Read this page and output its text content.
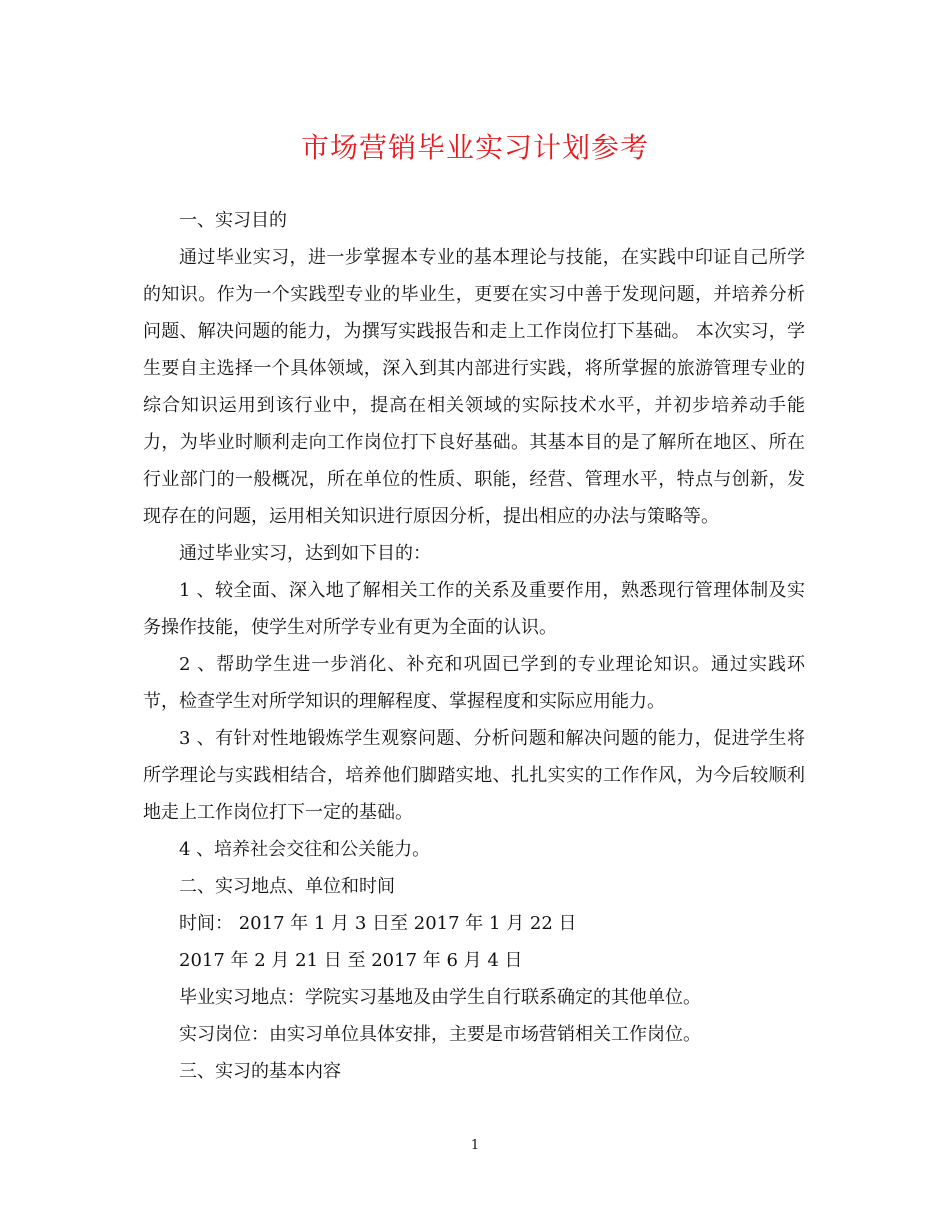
市场营销毕业实习计划参考

一、实习目的

通过毕业实习，进一步掌握本专业的基本理论与技能，在实践中印证自己所学的知识。作为一个实践型专业的毕业生，更要在实习中善于发现问题，并培养分析问题、解决问题的能力，为撰写实践报告和走上工作岗位打下基础。 本次实习，学生要自主选择一个具体领域，深入到其内部进行实践，将所掌握的旅游管理专业的综合知识运用到该行业中，提高在相关领域的实际技术水平，并初步培养动手能力，为毕业时顺利走向工作岗位打下良好基础。其基本目的是了解所在地区、所在行业部门的一般概况，所在单位的性质、职能，经营、管理水平，特点与创新，发现存在的问题，运用相关知识进行原因分析，提出相应的办法与策略等。

通过毕业实习，达到如下目的：

1 、较全面、深入地了解相关工作的关系及重要作用，熟悉现行管理体制及实务操作技能，使学生对所学专业有更为全面的认识。

2 、帮助学生进一步消化、补充和巩固已学到的专业理论知识。通过实践环节，检查学生对所学知识的理解程度、掌握程度和实际应用能力。

3 、有针对性地锻炼学生观察问题、分析问题和解决问题的能力，促进学生将所学理论与实践相结合，培养他们脚踏实地、扎扎实实的工作作风，为今后较顺利地走上工作岗位打下一定的基础。

4 、培养社会交往和公关能力。

二、实习地点、单位和时间

时间： 2017 年 1 月 3 日至 2017 年 1 月 22 日

2017 年 2 月 21 日 至 2017 年 6 月 4 日

毕业实习地点：学院实习基地及由学生自行联系确定的其他单位。

实习岗位：由实习单位具体安排，主要是市场营销相关工作岗位。

三、实习的基本内容

1
